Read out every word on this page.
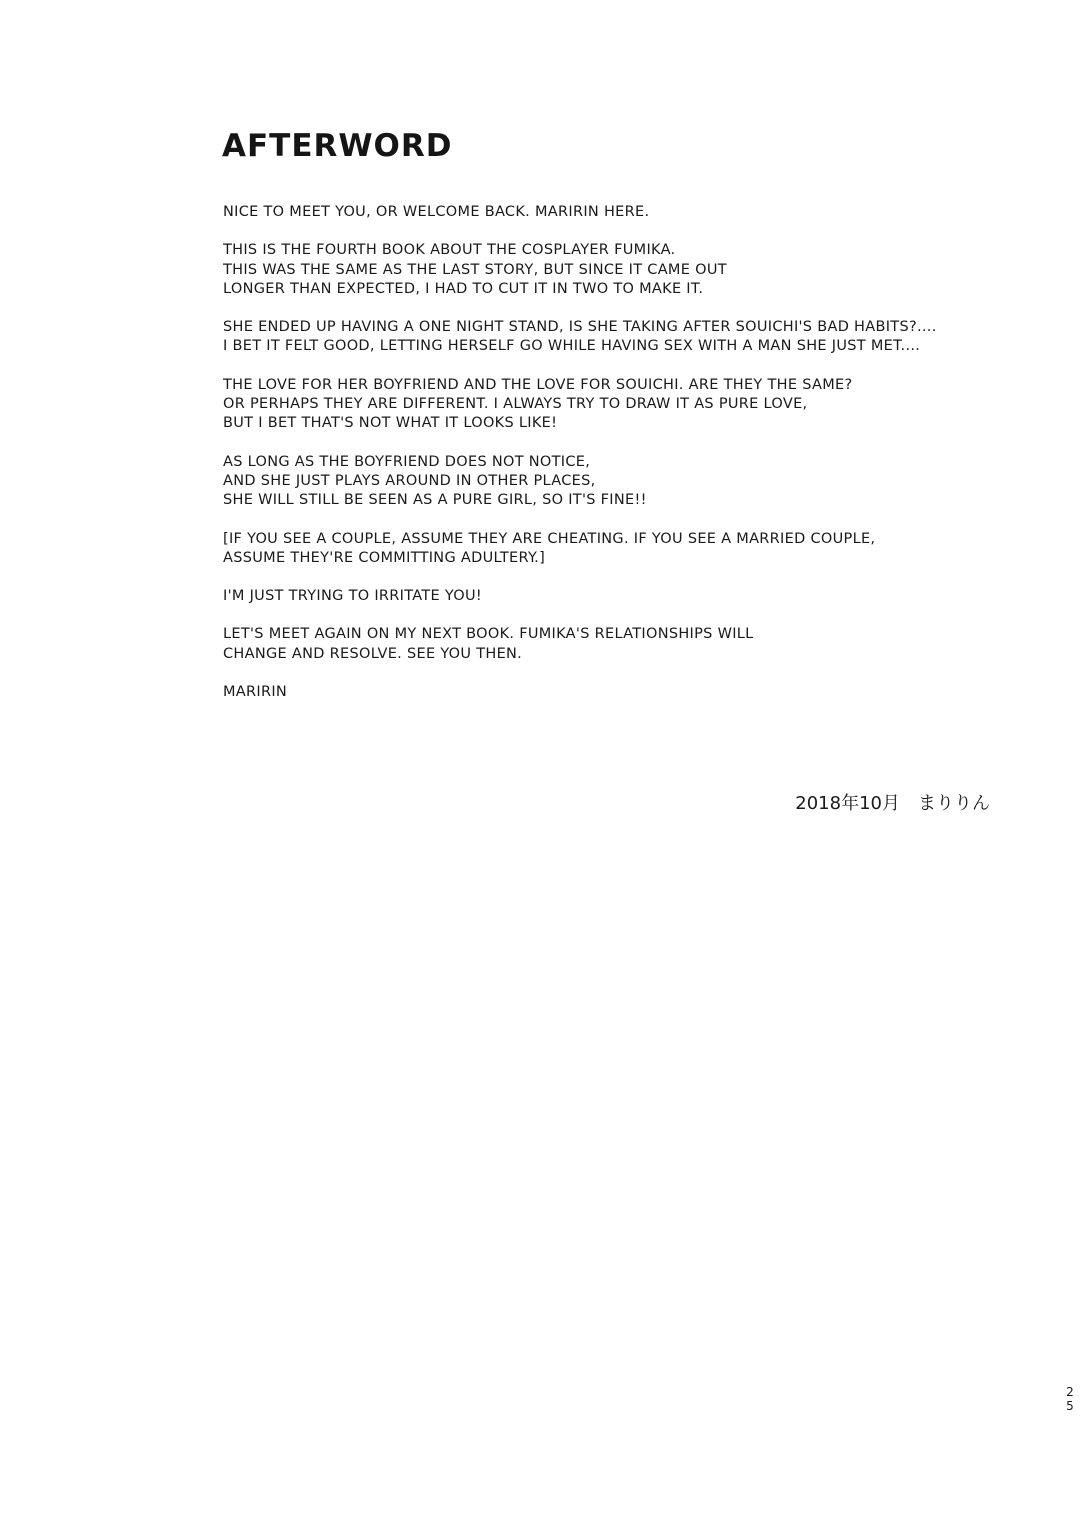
AFTERWORD

NICE TO MEET YOU, OR WELCOME BACK. MARIRIN HERE.

THIS IS THE FOURTH BOOK ABOUT THE COSPLAYER FUMIKA.
THIS WAS THE SAME AS THE LAST STORY, BUT SINCE IT CAME OUT
LONGER THAN EXPECTED, I HAD TO CUT IT IN TWO TO MAKE IT.

SHE ENDED UP HAVING A ONE NIGHT STAND, IS SHE TAKING AFTER SOUICHI'S BAD HABITS?....
I BET IT FELT GOOD, LETTING HERSELF GO WHILE HAVING SEX WITH A MAN SHE JUST MET....

THE LOVE FOR HER BOYFRIEND AND THE LOVE FOR SOUICHI. ARE THEY THE SAME?
OR PERHAPS THEY ARE DIFFERENT. I ALWAYS TRY TO DRAW IT AS PURE LOVE,
BUT I BET THAT'S NOT WHAT IT LOOKS LIKE!

AS LONG AS THE BOYFRIEND DOES NOT NOTICE,
AND SHE JUST PLAYS AROUND IN OTHER PLACES,
SHE WILL STILL BE SEEN AS A PURE GIRL, SO IT'S FINE!!

[IF YOU SEE A COUPLE, ASSUME THEY ARE CHEATING. IF YOU SEE A MARRIED COUPLE,
ASSUME THEY'RE COMMITTING ADULTERY.]

I'M JUST TRYING TO IRRITATE YOU!

LET'S MEET AGAIN ON MY NEXT BOOK. FUMIKA'S RELATIONSHIPS WILL
CHANGE AND RESOLVE. SEE YOU THEN.

MARIRIN

2018年10月　まりりん
2
5
